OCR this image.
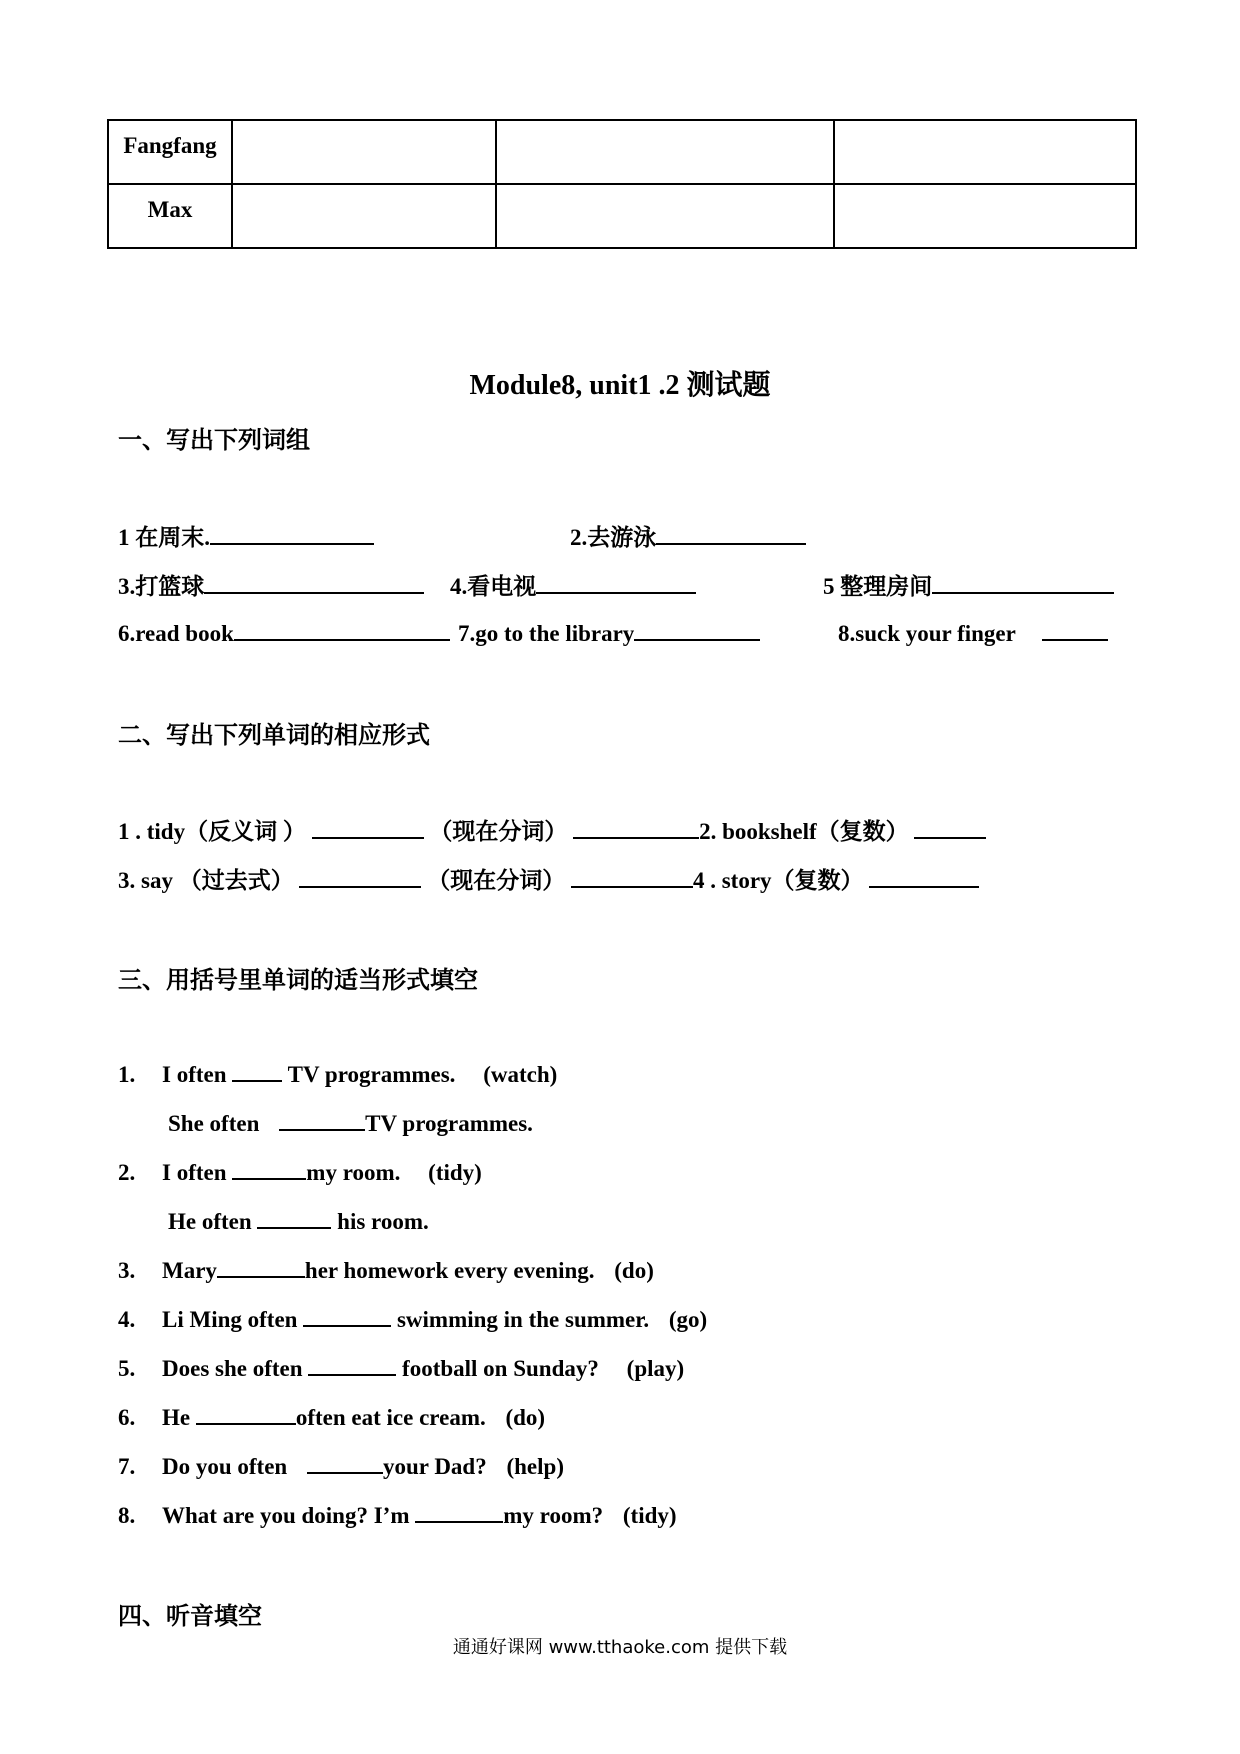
Fangfang			
Max			
Module8, unit1 .2 测试题
一、写出下列词组
1 在周末.	2.去游泳
3.打篮球	4.看电视	5 整理房间
6.read book	7.go to the library	8.suck your finger
二、写出下列单词的相应形式
1 . tidy（反义词 ）	（现在分词）	2. bookshelf（复数）
3. say （过去式）	（现在分词）	4 . story（复数）
三、用括号里单词的适当形式填空
1. I often	TV programmes. (watch)
She often	TV programmes.
2. I often	my room. (tidy)
He often	his room.
3. Mary	her homework every evening. (do)
4. Li Ming often	swimming in the summer. (go)
5. Does she often	football on Sunday? (play)
6. He	often eat ice cream. (do)
7. Do you often	your Dad? (help)
8. What are you doing? I’m	my room? (tidy)
四、听音填空
通通好课网 www.tthaoke.com 提供下载
